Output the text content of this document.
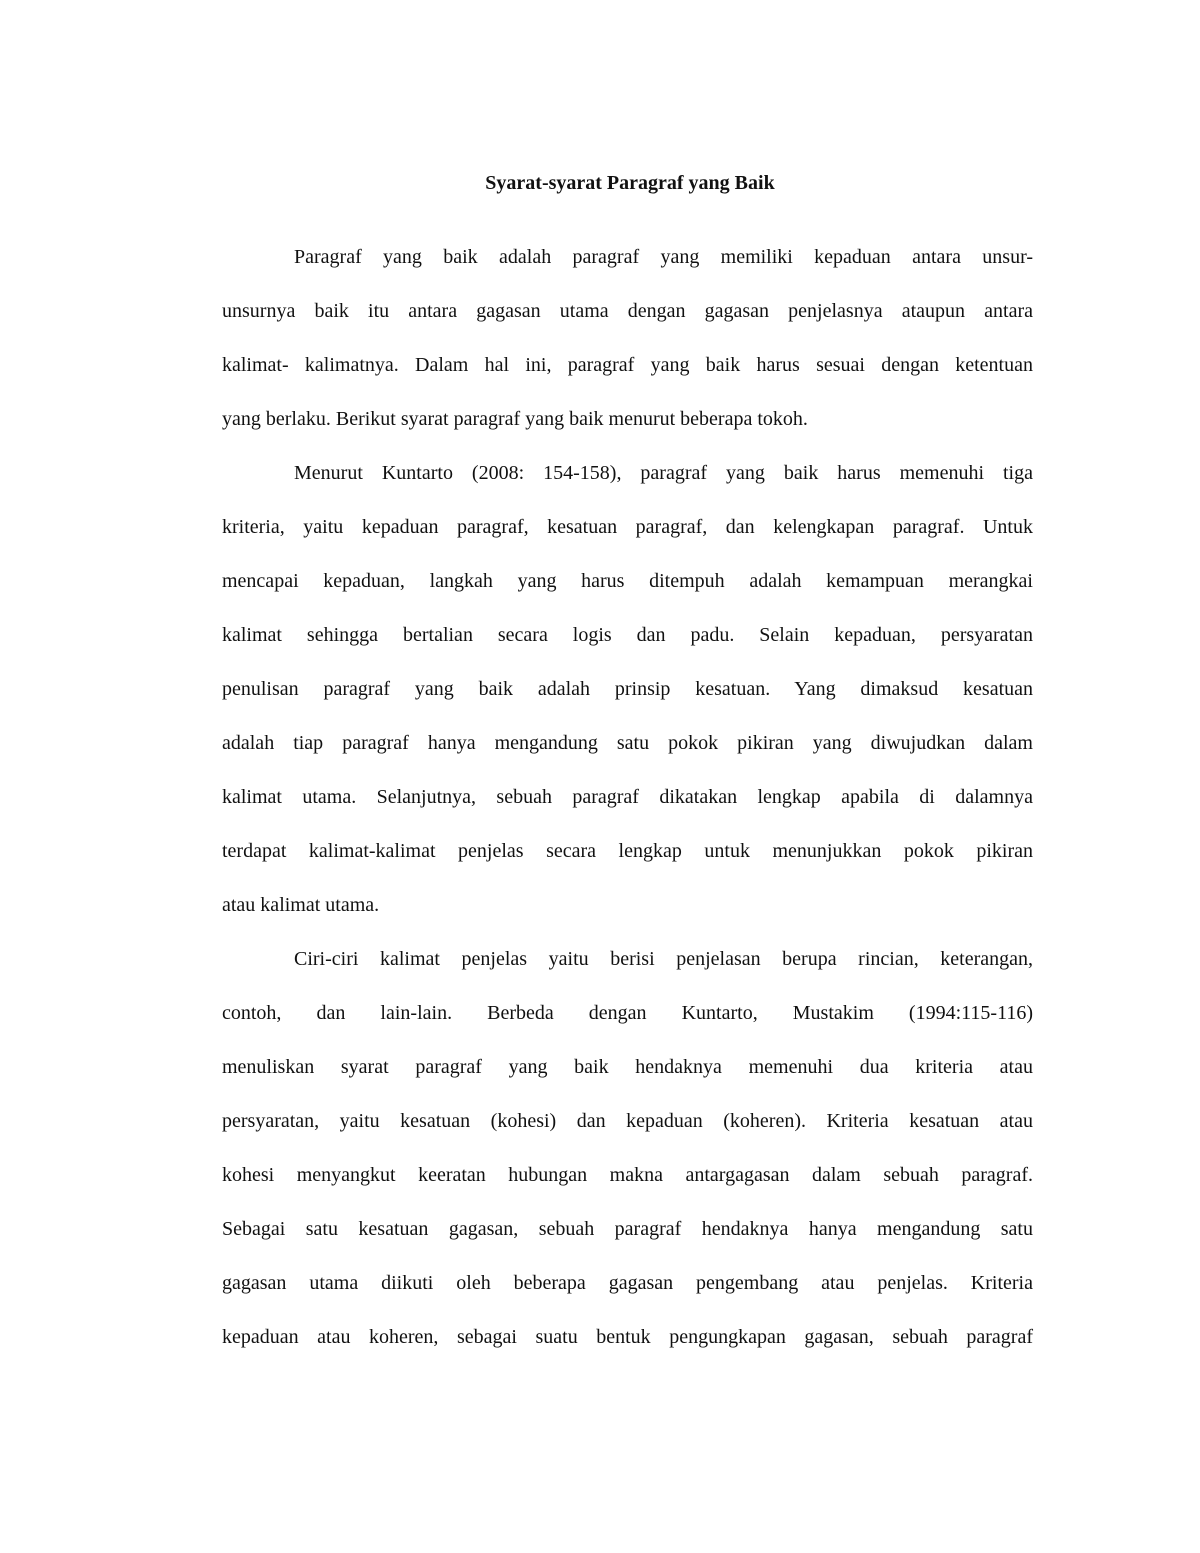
Syarat-syarat Paragraf yang Baik

Paragraf yang baik adalah paragraf yang memiliki kepaduan antara unsur-

unsurnya baik itu antara gagasan utama dengan gagasan penjelasnya ataupun antara

kalimat- kalimatnya. Dalam hal ini, paragraf yang baik harus sesuai dengan ketentuan

yang berlaku. Berikut syarat paragraf yang baik menurut beberapa tokoh.

Menurut Kuntarto (2008: 154-158), paragraf yang baik harus memenuhi tiga

kriteria, yaitu kepaduan paragraf, kesatuan paragraf, dan kelengkapan paragraf. Untuk

mencapai kepaduan, langkah yang harus ditempuh adalah kemampuan merangkai

kalimat sehingga bertalian secara logis dan padu. Selain kepaduan, persyaratan

penulisan paragraf yang baik adalah prinsip kesatuan. Yang dimaksud kesatuan

adalah tiap paragraf hanya mengandung satu pokok pikiran yang diwujudkan dalam

kalimat utama. Selanjutnya, sebuah paragraf dikatakan lengkap apabila di dalamnya

terdapat kalimat-kalimat penjelas secara lengkap untuk menunjukkan pokok pikiran

atau kalimat utama.

Ciri-ciri kalimat penjelas yaitu berisi penjelasan berupa rincian, keterangan,

contoh, dan lain-lain. Berbeda dengan Kuntarto, Mustakim (1994:115-116)

menuliskan syarat paragraf yang baik hendaknya memenuhi dua kriteria atau

persyaratan, yaitu kesatuan (kohesi) dan kepaduan (koheren). Kriteria kesatuan atau

kohesi menyangkut keeratan hubungan makna antargagasan dalam sebuah paragraf.

Sebagai satu kesatuan gagasan, sebuah paragraf hendaknya hanya mengandung satu

gagasan utama diikuti oleh beberapa gagasan pengembang atau penjelas. Kriteria

kepaduan atau koheren, sebagai suatu bentuk pengungkapan gagasan, sebuah paragraf
